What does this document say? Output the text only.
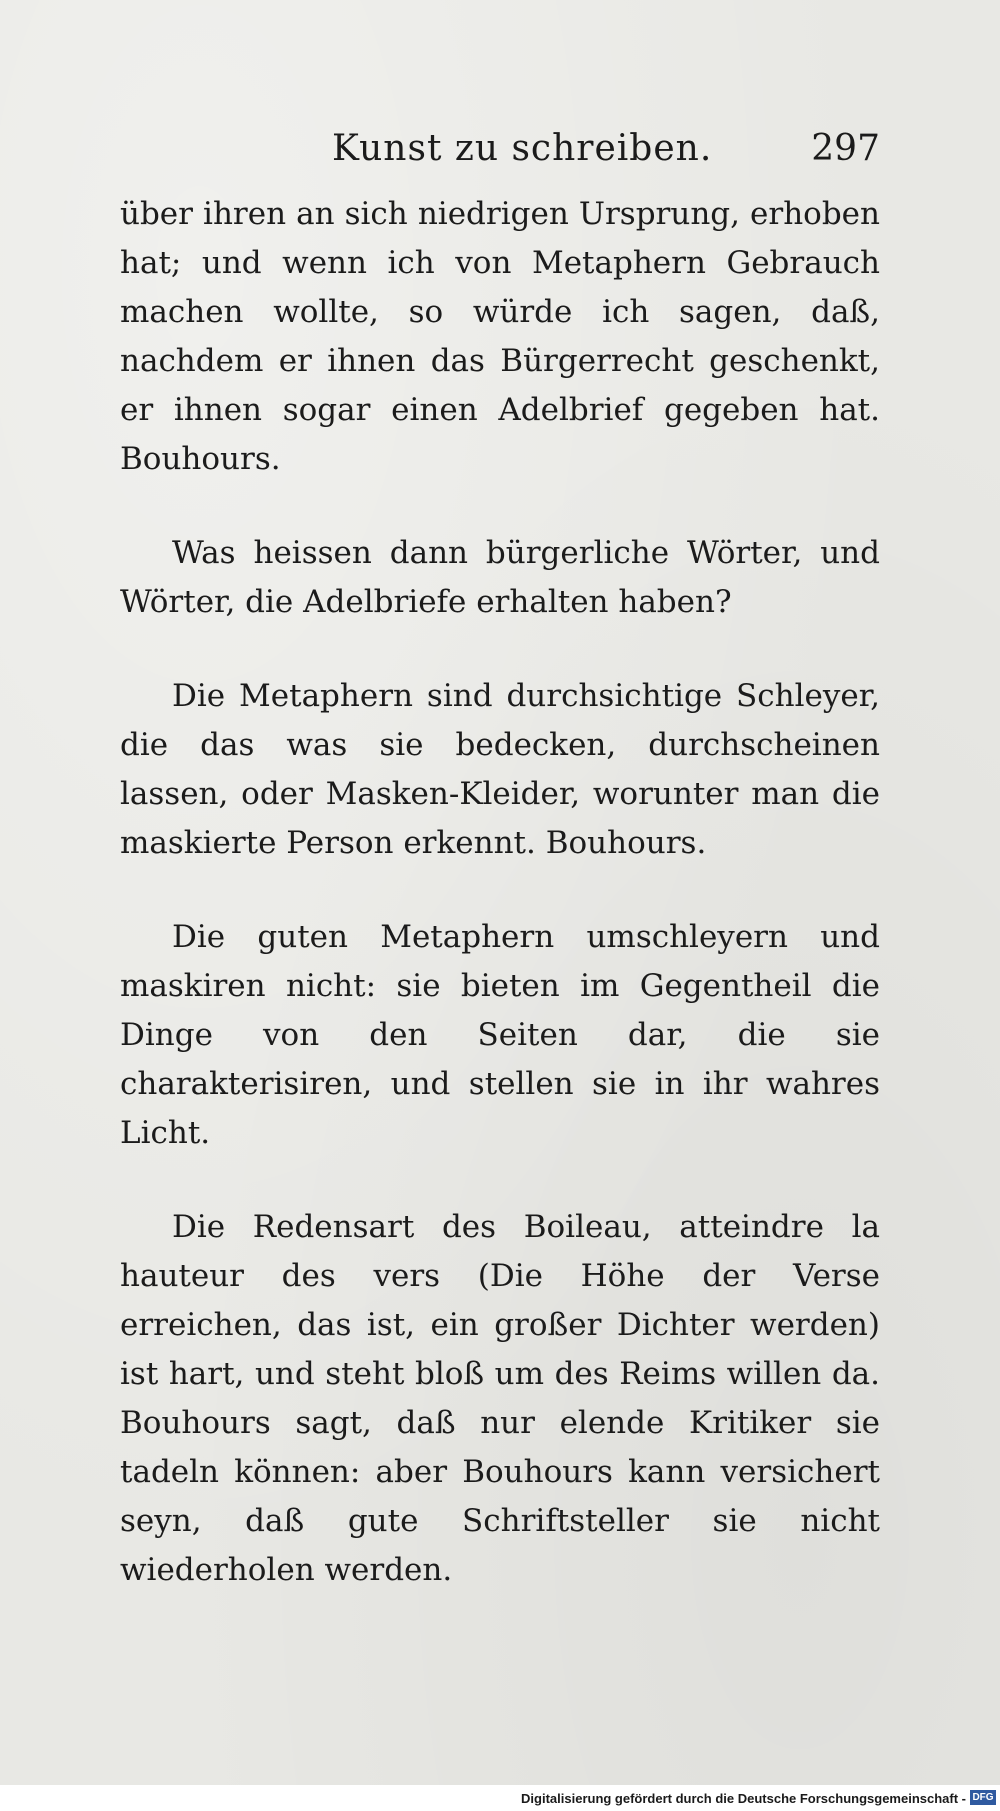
Kunst zu schreiben.	297

über ihren an sich niedrigen Ursprung, erhoben hat; und wenn ich von Metaphern Gebrauch machen wollte, so würde ich sagen, daß, nachdem er ihnen das Bürgerrecht geschenkt, er ihnen sogar einen Adelbrief gegeben hat. Bouhours.

Was heissen dann bürgerliche Wörter, und Wörter, die Adelbriefe erhalten haben?

Die Metaphern sind durchsichtige Schleyer, die das was sie bedecken, durchscheinen lassen, oder Masken-Kleider, worunter man die maskierte Person erkennt. Bouhours.

Die guten Metaphern umschleyern und maskiren nicht: sie bieten im Gegentheil die Dinge von den Seiten dar, die sie charakterisiren, und stellen sie in ihr wahres Licht.

Die Redensart des Boileau, atteindre la hauteur des vers (Die Höhe der Verse erreichen, das ist, ein großer Dichter werden) ist hart, und steht bloß um des Reims willen da. Bouhours sagt, daß nur elende Kritiker sie tadeln können: aber Bouhours kann versichert seyn, daß gute Schriftsteller sie nicht wiederholen werden.

Digitalisierung gefördert durch die Deutsche Forschungsgemeinschaft - DFG
